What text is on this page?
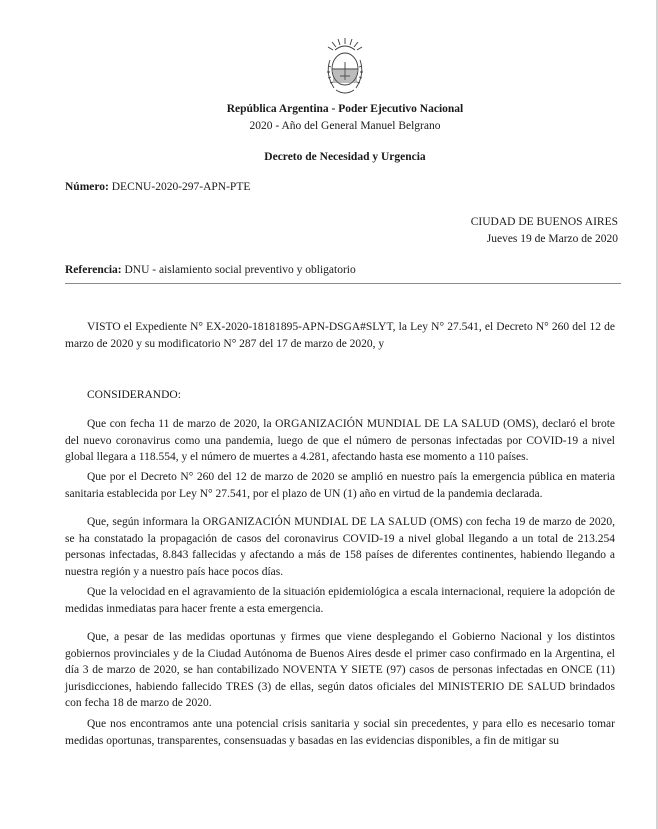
República Argentina - Poder Ejecutivo Nacional
2020 - Año del General Manuel Belgrano
Decreto de Necesidad y Urgencia
Número: DECNU-2020-297-APN-PTE
CIUDAD DE BUENOS AIRES
Jueves 19 de Marzo de 2020
Referencia: DNU - aislamiento social preventivo y obligatorio
VISTO el Expediente N° EX-2020-18181895-APN-DSGA#SLYT, la Ley N° 27.541, el Decreto N° 260 del 12 de marzo de 2020 y su modificatorio N° 287 del 17 de marzo de 2020, y
CONSIDERANDO:
Que con fecha 11 de marzo de 2020, la ORGANIZACIÓN MUNDIAL DE LA SALUD (OMS), declaró el brote del nuevo coronavirus como una pandemia, luego de que el número de personas infectadas por COVID-19 a nivel global llegara a 118.554, y el número de muertes a 4.281, afectando hasta ese momento a 110 países.
Que por el Decreto N° 260 del 12 de marzo de 2020 se amplió en nuestro país la emergencia pública en materia sanitaria establecida por Ley N° 27.541, por el plazo de UN (1) año en virtud de la pandemia declarada.
Que, según informara la ORGANIZACIÓN MUNDIAL DE LA SALUD (OMS) con fecha 19 de marzo de 2020, se ha constatado la propagación de casos del coronavirus COVID-19 a nivel global llegando a un total de 213.254 personas infectadas, 8.843 fallecidas y afectando a más de 158 países de diferentes continentes, habiendo llegando a nuestra región y a nuestro país hace pocos días.
Que la velocidad en el agravamiento de la situación epidemiológica a escala internacional, requiere la adopción de medidas inmediatas para hacer frente a esta emergencia.
Que, a pesar de las medidas oportunas y firmes que viene desplegando el Gobierno Nacional y los distintos gobiernos provinciales y de la Ciudad Autónoma de Buenos Aires desde el primer caso confirmado en la Argentina, el día 3 de marzo de 2020, se han contabilizado NOVENTA Y SIETE (97) casos de personas infectadas en ONCE (11) jurisdicciones, habiendo fallecido TRES (3) de ellas, según datos oficiales del MINISTERIO DE SALUD brindados con fecha 18 de marzo de 2020.
Que nos encontramos ante una potencial crisis sanitaria y social sin precedentes, y para ello es necesario tomar medidas oportunas, transparentes, consensuadas y basadas en las evidencias disponibles, a fin de mitigar su
